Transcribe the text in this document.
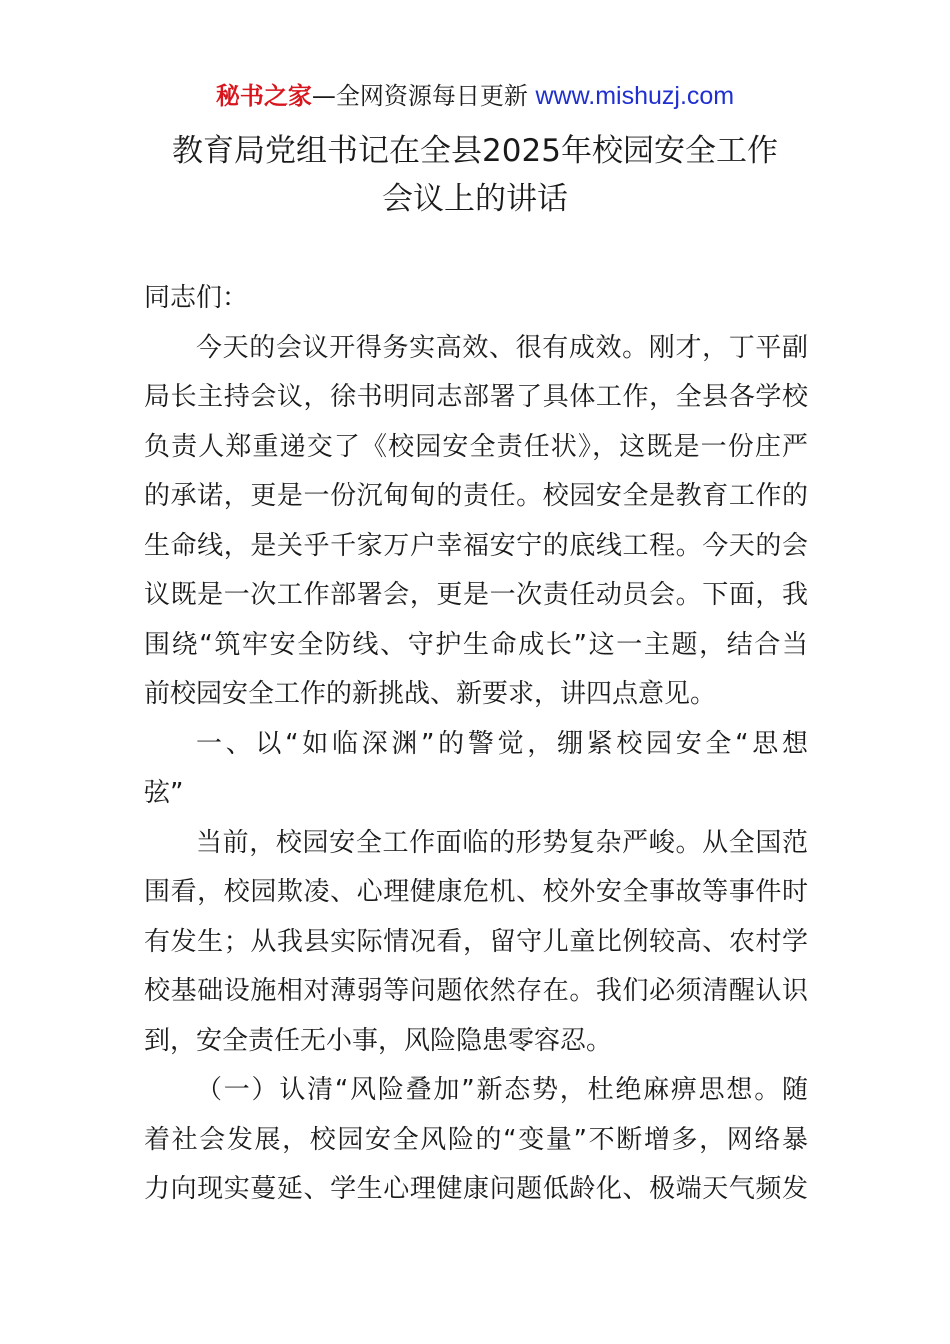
秘书之家—全网资源每日更新 www.mishuzj.com
教育局党组书记在全县2025年校园安全工作
会议上的讲话
同志们：
今天的会议开得务实高效、很有成效。刚才，丁平副
局长主持会议，徐书明同志部署了具体工作，全县各学校
负责人郑重递交了《校园安全责任状》，这既是一份庄严
的承诺，更是一份沉甸甸的责任。校园安全是教育工作的
生命线，是关乎千家万户幸福安宁的底线工程。今天的会
议既是一次工作部署会，更是一次责任动员会。下面，我
围绕“筑牢安全防线、守护生命成长”这一主题，结合当
前校园安全工作的新挑战、新要求，讲四点意见。
一、以“如临深渊”的警觉，绷紧校园安全“思想
弦”
当前，校园安全工作面临的形势复杂严峻。从全国范
围看，校园欺凌、心理健康危机、校外安全事故等事件时
有发生；从我县实际情况看，留守儿童比例较高、农村学
校基础设施相对薄弱等问题依然存在。我们必须清醒认识
到，安全责任无小事，风险隐患零容忍。
（一）认清“风险叠加”新态势，杜绝麻痹思想。随
着社会发展，校园安全风险的“变量”不断增多，网络暴
力向现实蔓延、学生心理健康问题低龄化、极端天气频发
